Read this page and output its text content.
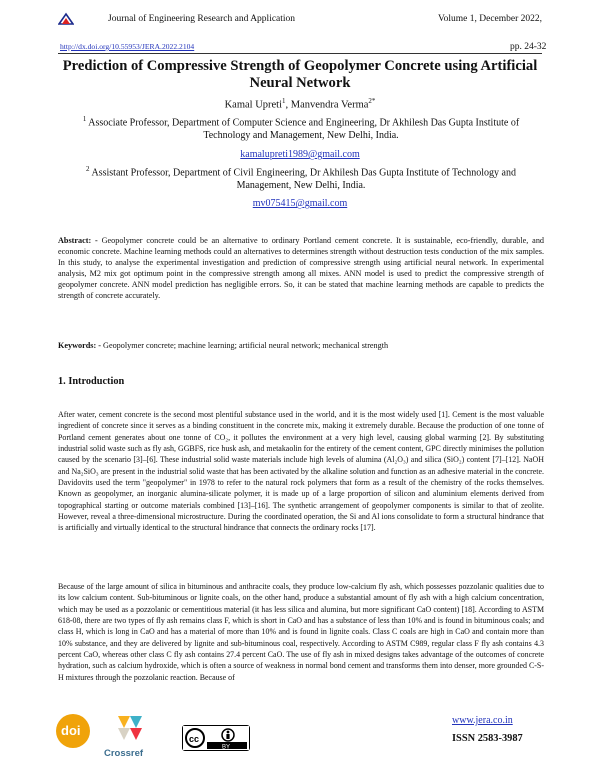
Journal of Engineering Research and Application	Volume 1, December 2022,
http://dx.doi.org/10.55953/JERA.2022.2104	pp. 24-32
Prediction of Compressive Strength of Geopolymer Concrete using Artificial Neural Network
Kamal Upreti$^1$, Manvendra Verma$^{2*}$
$^1$ Associate Professor, Department of Computer Science and Engineering, Dr Akhilesh Das Gupta Institute of Technology and Management, New Delhi, India.
kamalupreti1989@gmail.com
$^2$ Assistant Professor, Department of Civil Engineering, Dr Akhilesh Das Gupta Institute of Technology and Management, New Delhi, India.
mv075415@gmail.com
Abstract: - Geopolymer concrete could be an alternative to ordinary Portland cement concrete. It is sustainable, eco-friendly, durable, and economic concrete. Machine learning methods could an alternatives to determines strength without destruction tests conduction of the mix samples. In this study, to analyse the experimental investigation and prediction of compressive strength using artificial neural network. In experimental analysis, M2 mix got optimum point in the compressive strength among all mixes. ANN model is used to predict the compressive strength of geopolymer concrete. ANN model prediction has negligible errors. So, it can be stated that machine learning methods are capable to predicts the strength of concrete accurately.
Keywords: - Geopolymer concrete; machine learning; artificial neural network; mechanical strength
1. Introduction
After water, cement concrete is the second most plentiful substance used in the world, and it is the most widely used [1]. Cement is the most valuable ingredient of concrete since it serves as a binding constituent in the concrete mix, making it extremely durable. Because the production of one tonne of Portland cement generates about one tonne of CO₂, it pollutes the environment at a very high level, causing global warming [2]. By substituting industrial solid waste such as fly ash, GGBFS, rice husk ash, and metakaolin for the entirety of the cement content, GPC directly minimises the pollution caused by the scenario [3]–[6]. These industrial solid waste materials include high levels of alumina (Al₂O₃) and silica (SiO₂) content [7]–[12]. NaOH and Na₂SiO₃ are present in the industrial solid waste that has been activated by the alkaline solution and function as an adhesive material in the concrete. Davidovits used the term "geopolymer" in 1978 to refer to the natural rock polymers that form as a result of the chemistry of the rocks themselves. Known as geopolymer, an inorganic alumina-silicate polymer, it is made up of a large proportion of silicon and aluminium elements derived from topographical starting or outcome materials combined [13]–[16]. The synthetic arrangement of geopolymer components is similar to that of zeolite. However, reveal a three-dimensional microstructure. During the coordinated operation, the Si and Al ions consolidate to form a structural hindrance that is artificially and virtually identical to the structural hindrance that connects the ordinary rocks [17].
Because of the large amount of silica in bituminous and anthracite coals, they produce low-calcium fly ash, which possesses pozzolanic qualities due to its low calcium content. Sub-bituminous or lignite coals, on the other hand, produce a substantial amount of fly ash with a high calcium concentration, which may be used as a pozzolanic or cementitious material (it has less silica and alumina, but more significant CaO content) [18]. According to ASTM 618-08, there are two types of fly ash remains class F, which is short in CaO and has a substance of less than 10% and is found in bituminous coals; and class H, which is long in CaO and has a material of more than 10% and is found in lignite coals. Class C coals are high in CaO and contain more than 10% substance, and they are delivered by lignite and sub-bituminous coal, respectively. According to ASTM C989, regular class F fly ash contains 4.3 percent CaO, whereas other class C fly ash contains 27.4 percent CaO. The use of fly ash in mixed designs takes advantage of the outcomes of concrete hydration, such as calcium hydroxide, which is often a source of weakness in normal bond cement and transforms them into denser, more grounded C-S-H mixtures through the pozzolanic reaction. Because of
doi
Crossref
cc
BY
www.jera.co.in
ISSN 2583-3987
